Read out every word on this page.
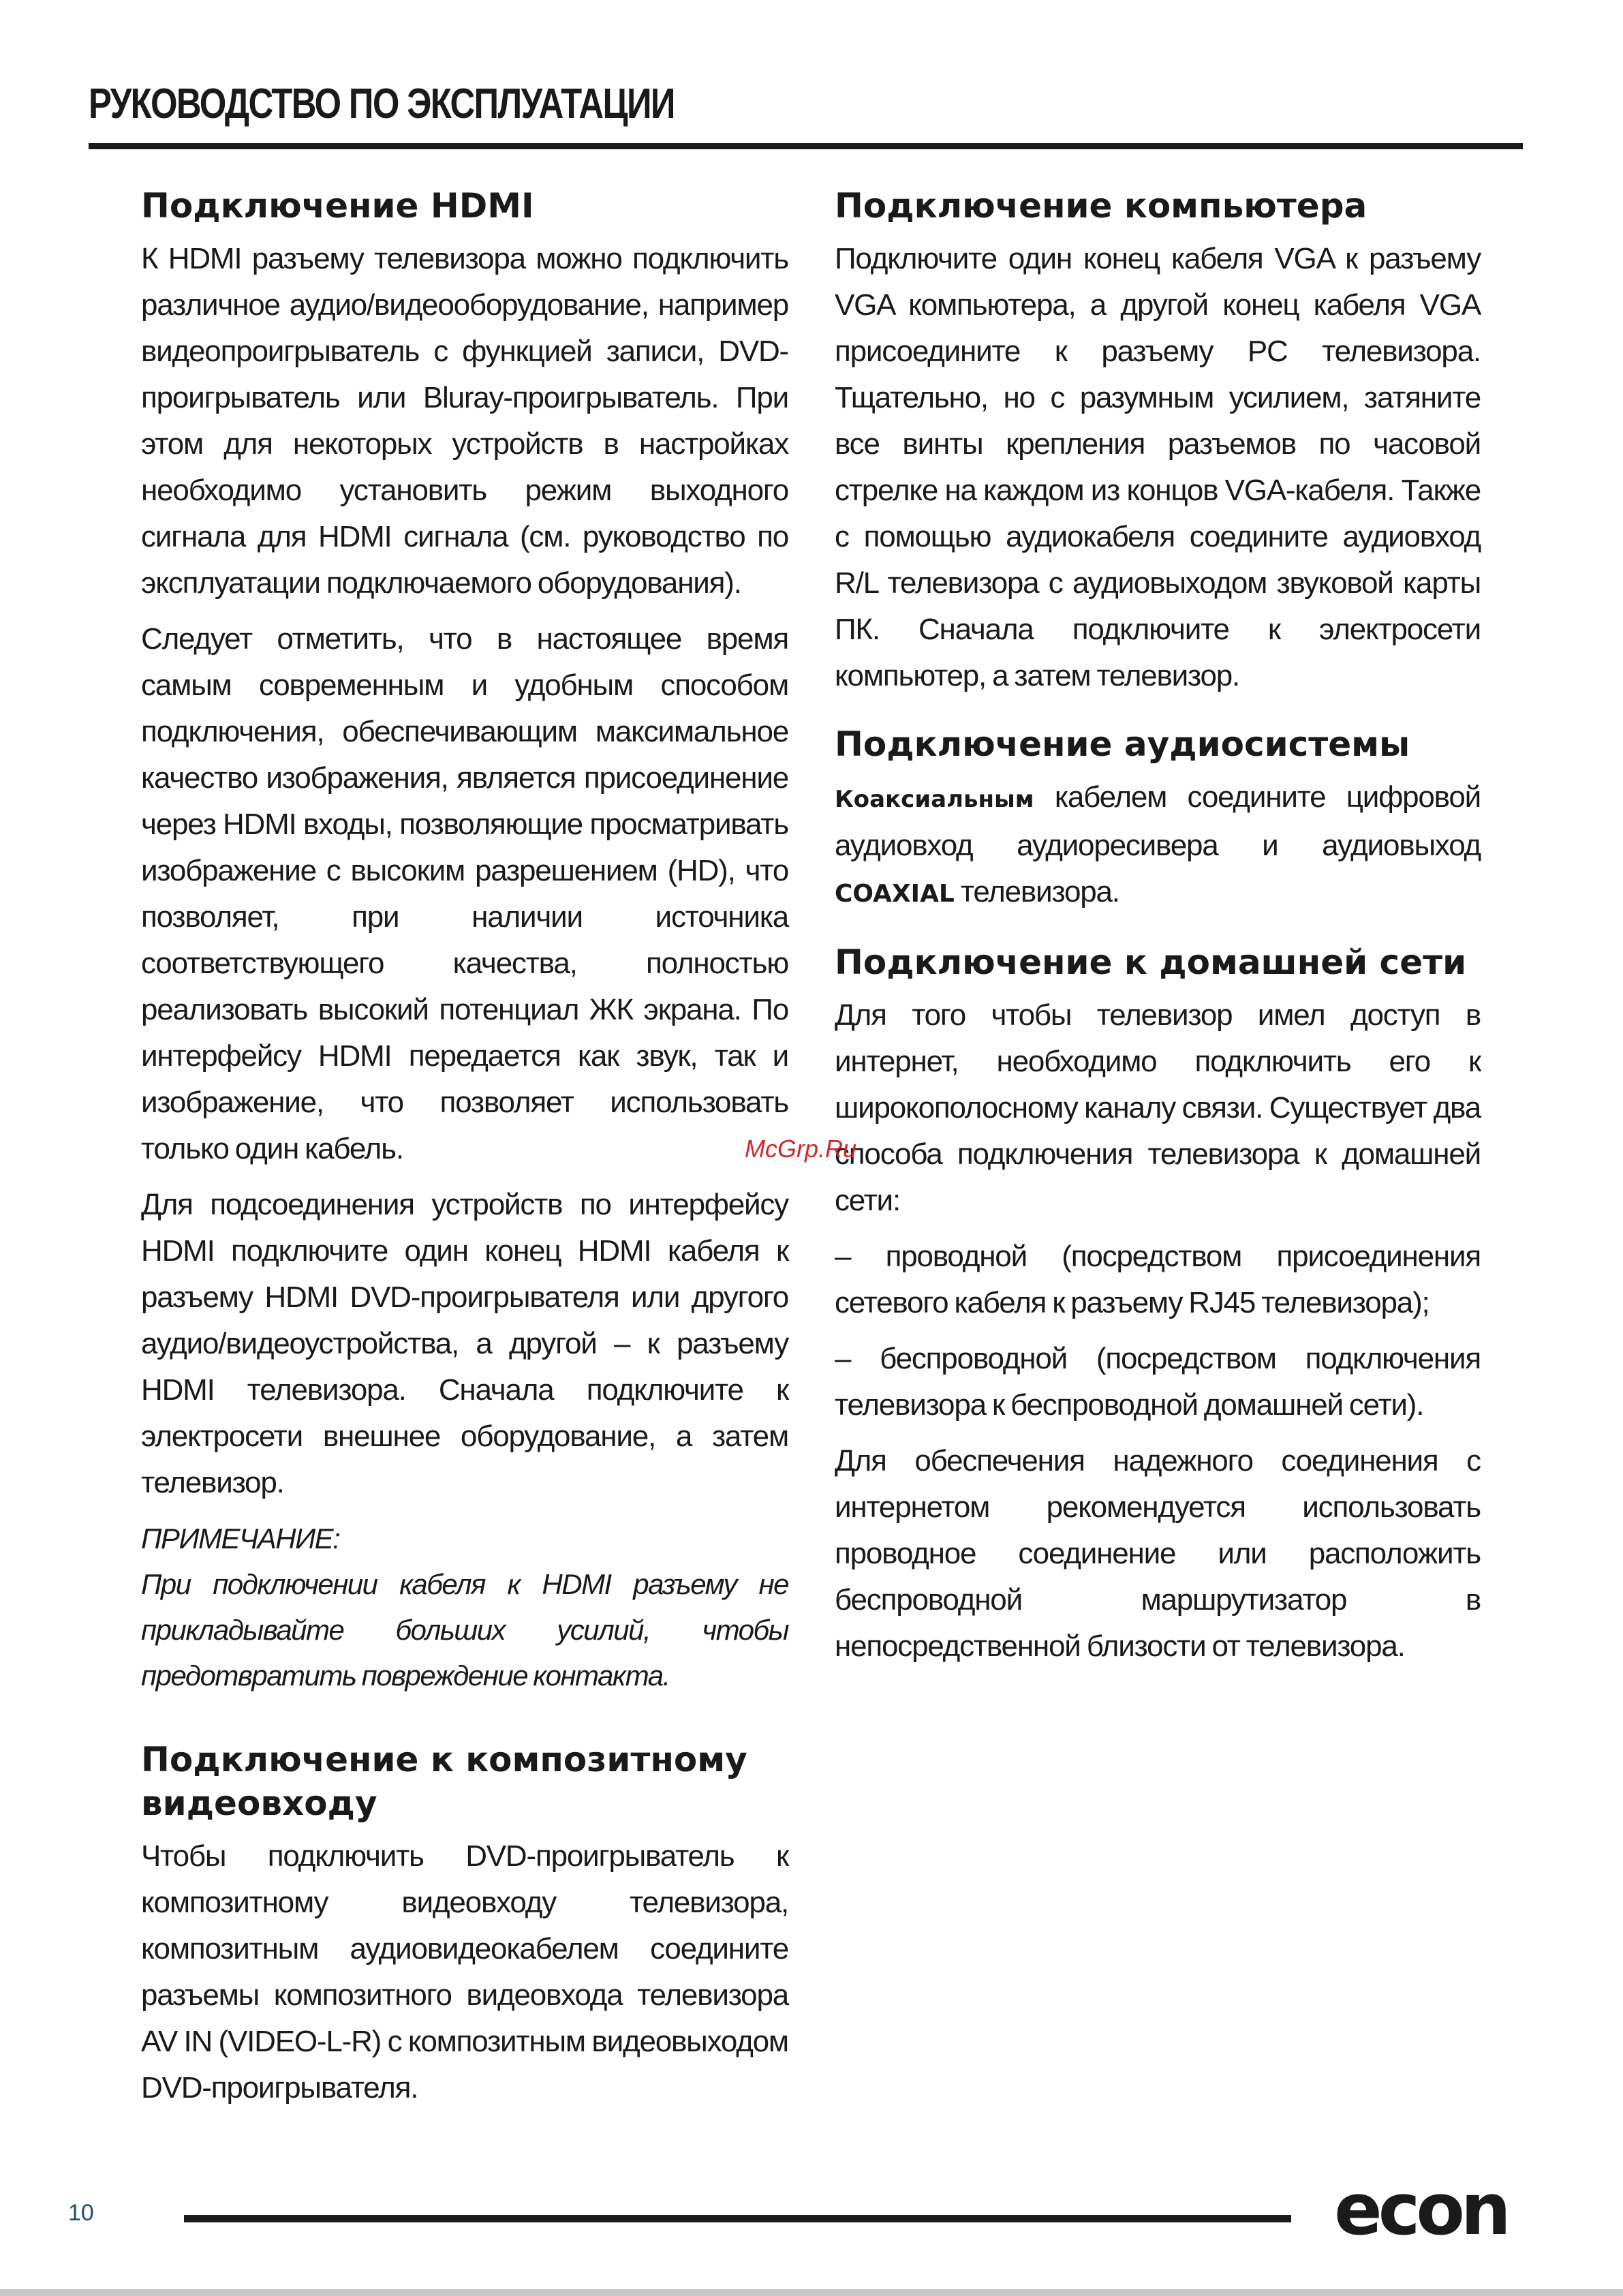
РУКОВОДСТВО ПО ЭКСПЛУАТАЦИИ
Подключение HDMI

К HDMI разъему телевизора можно подключить различное аудио/видеооборудование, например видеопроигрыватель с функцией записи, DVD-проигрыватель или Bluray-проигрыватель. При этом для некоторых устройств в настройках необходимо установить режим выходного сигнала для HDMI сигнала (см. руководство по эксплуатации подключаемого оборудования).

Следует отметить, что в настоящее время самым современным и удобным способом подключения, обеспечивающим максимальное качество изображения, является присоединение через HDMI входы, позволяющие просматривать изображение с высоким разрешением (HD), что позволяет, при наличии источника соответствующего качества, полностью реализовать высокий потенциал ЖК экрана. По интерфейсу HDMI передается как звук, так и изображение, что позволяет использовать только один кабель.

Для подсоединения устройств по интерфейсу HDMI подключите один конец HDMI кабеля к разъему HDMI DVD-проигрывателя или другого аудио/видеоустройства, а другой – к разъему HDMI телевизора. Сначала подключите к электросети внешнее оборудование, а затем телевизор.

ПРИМЕЧАНИЕ:

При подключении кабеля к HDMI разъему не прикладывайте больших усилий, чтобы предотвратить повреждение контакта.

Подключение к композитному видеовходу

Чтобы подключить DVD-проигрыватель к композитному видеовходу телевизора, композитным аудиовидеокабелем соедините разъемы композитного видеовхода телевизора AV IN (VIDEO-L-R) с композитным видеовыходом DVD-проигрывателя.

Подключение компьютера

Подключите один конец кабеля VGA к разъему VGA компьютера, а другой конец кабеля VGA присоедините к разъему PC телевизора. Тщательно, но с разумным усилием, затяните все винты крепления разъемов по часовой стрелке на каждом из концов VGA-кабеля. Также с помощью аудиокабеля соедините аудиовход R/L телевизора с аудиовыходом звуковой карты ПК. Сначала подключите к электросети компьютер, а затем телевизор.

Подключение аудиосистемы

Коаксиальным кабелем соедините цифровой аудиовход аудиоресивера и аудиовыход COAXIAL телевизора.

Подключение к домашней сети

Для того чтобы телевизор имел доступ в интернет, необходимо подключить его к широкополосному каналу связи. Существует два способа подключения телевизора к домашней сети:

– проводной (посредством присоединения сетевого кабеля к разъему RJ45 телевизора);

– беспроводной (посредством подключения телевизора к беспроводной домашней сети).

Для обеспечения надежного соединения с интернетом рекомендуется использовать проводное соединение или расположить беспроводной маршрутизатор в непосредственной близости от телевизора.

McGrp.Ru
10	econ
